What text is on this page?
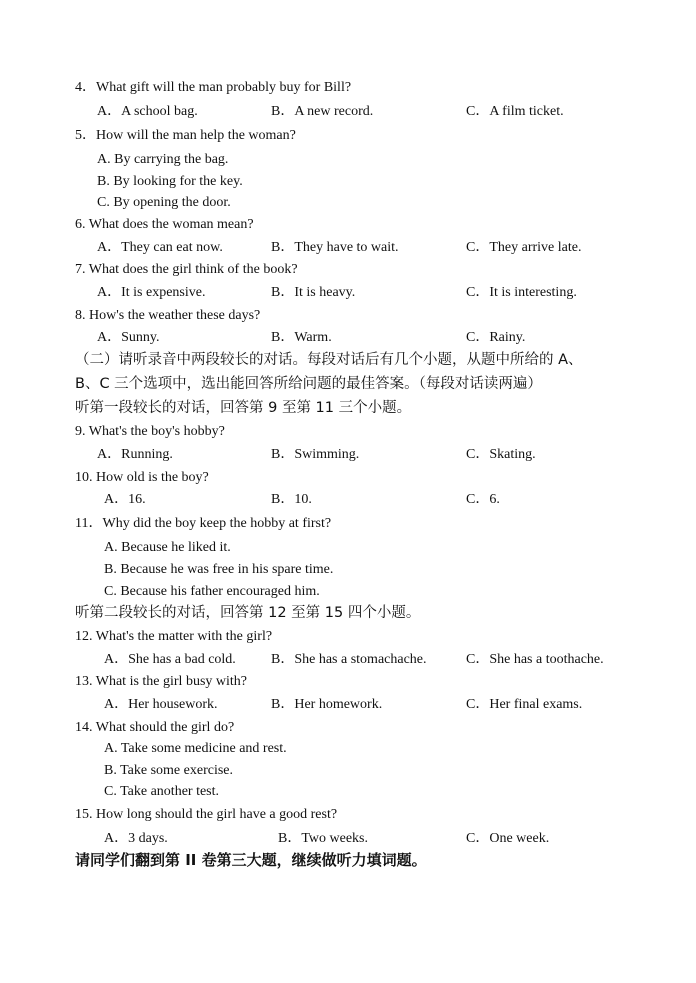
4．What gift will the man probably buy for Bill?
A．A school bag.	B．A new record.	C．A film ticket.
5．How will the man help the woman?
A. By carrying the bag.
B. By looking for the key.
C. By opening the door.
6. What does the woman mean?
A．They can eat now.	B．They have to wait.	C．They arrive late.
7. What does the girl think of the book?
A．It is expensive.	B．It is heavy.	C．It is interesting.
8. How's the weather these days?
A．Sunny.	B．Warm.	C．Rainy.
（二）请听录音中两段较长的对话。每段对话后有几个小题，从题中所给的 A、
B、C 三个选项中，选出能回答所给问题的最佳答案。（每段对话读两遍）
听第一段较长的对话，回答第 9 至第 11 三个小题。
9. What's the boy's hobby?
A．Running.	B．Swimming.	C．Skating.
10. How old is the boy?
A．16.	B．10.	C．6.
11．Why did the boy keep the hobby at first?
A. Because he liked it.
B. Because he was free in his spare time.
C. Because his father encouraged him.
听第二段较长的对话，回答第 12 至第 15 四个小题。
12. What's the matter with the girl?
A．She has a bad cold.	B．She has a stomachache.	C．She has a toothache.
13. What is the girl busy with?
A．Her housework.	B．Her homework.	C．Her final exams.
14. What should the girl do?
A. Take some medicine and rest.
B. Take some exercise.
C. Take another test.
15. How long should the girl have a good rest?
A．3 days.	B．Two weeks.	C．One week.
请同学们翻到第 II 卷第三大题，继续做听力填词题。
